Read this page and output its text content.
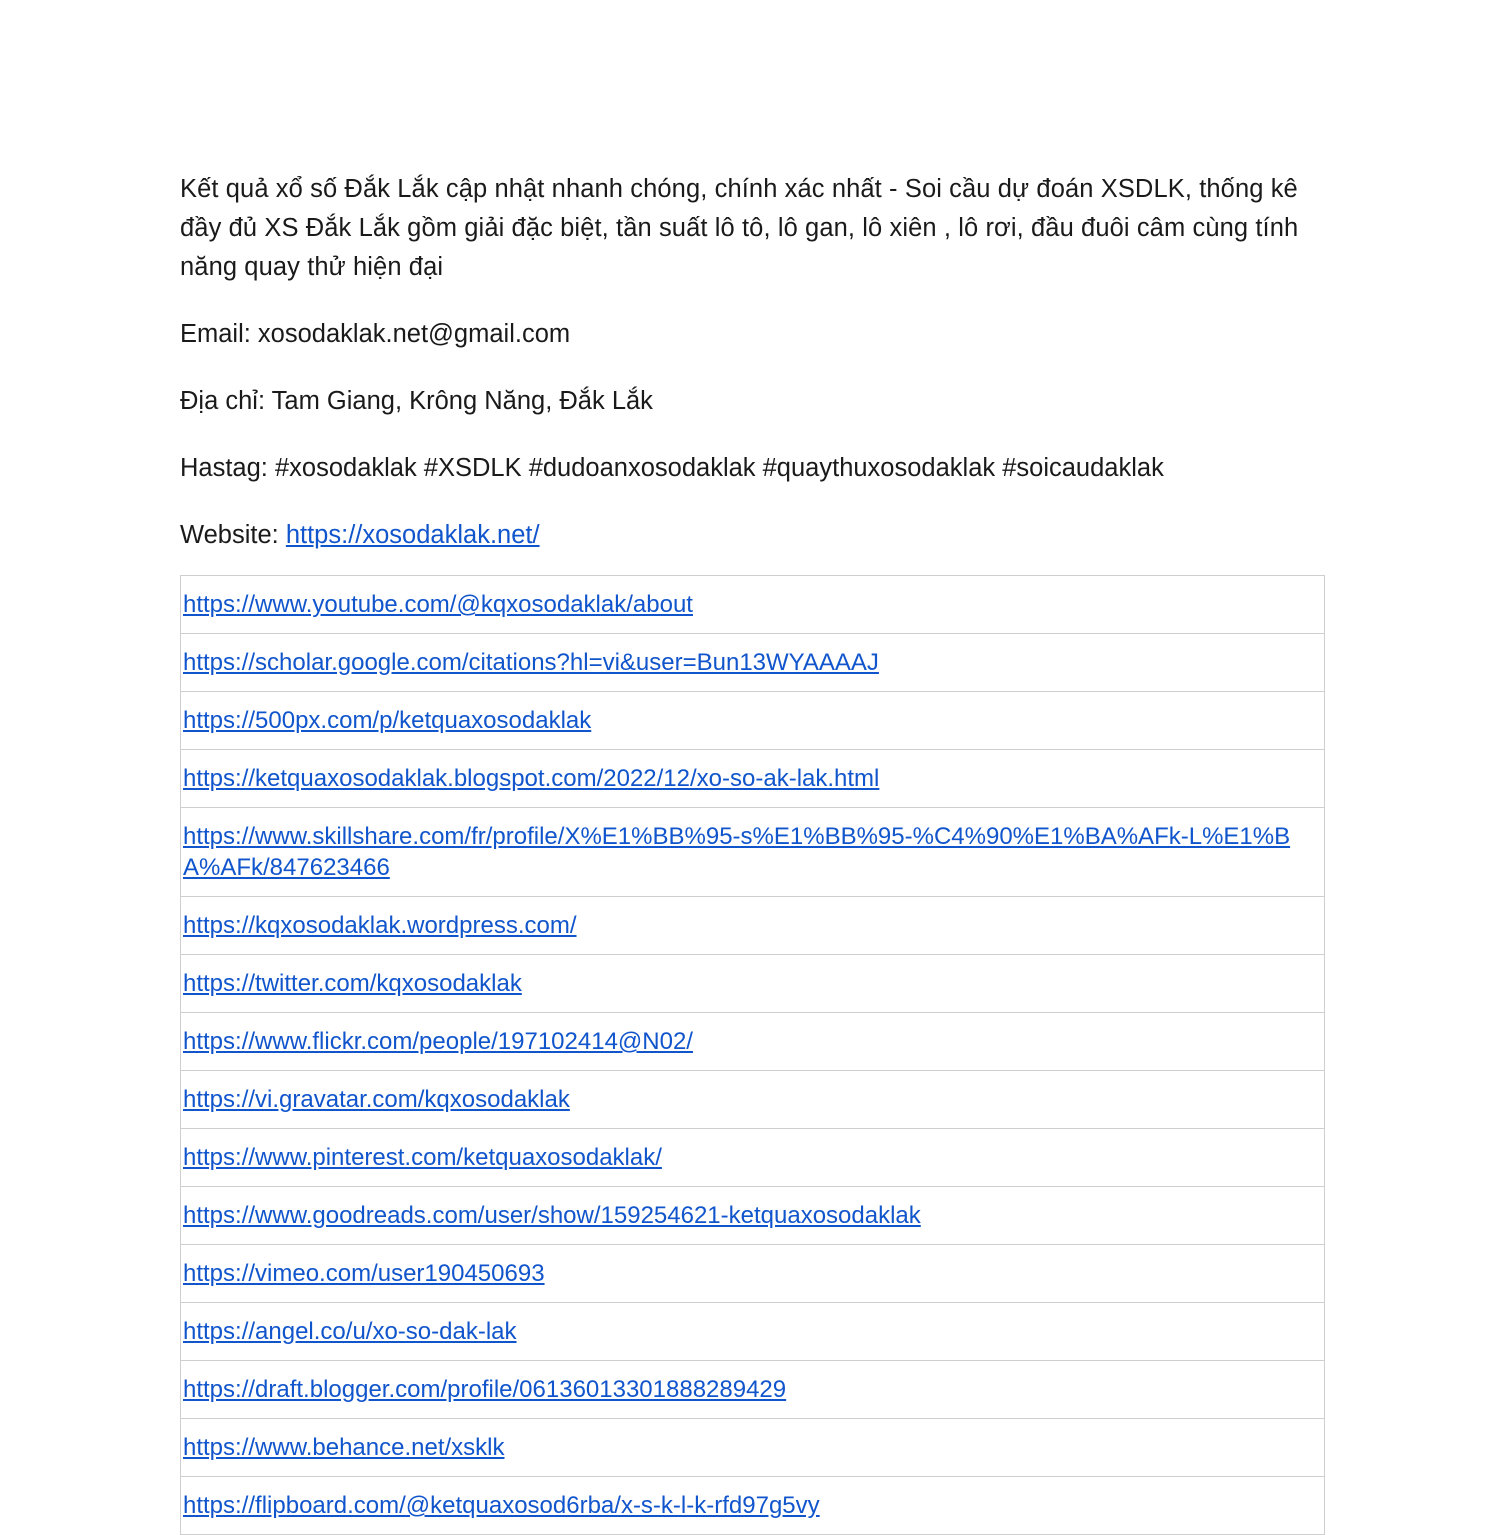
Kết quả xổ số Đắk Lắk cập nhật nhanh chóng, chính xác nhất - Soi cầu dự đoán XSDLK, thống kê đầy đủ XS Đắk Lắk gồm giải đặc biệt, tần suất lô tô, lô gan, lô xiên , lô rơi, đầu đuôi câm cùng tính năng quay thử hiện đại

Email: xosodaklak.net@gmail.com

Địa chỉ: Tam Giang, Krông Năng, Đắk Lắk

Hastag: #xosodaklak #XSDLK #dudoanxosodaklak #quaythuxosodaklak #soicaudaklak

Website: https://xosodaklak.net/

https://www.youtube.com/@kqxosodaklak/about

https://scholar.google.com/citations?hl=vi&user=Bun13WYAAAAJ

https://500px.com/p/ketquaxosodaklak

https://ketquaxosodaklak.blogspot.com/2022/12/xo-so-ak-lak.html

https://www.skillshare.com/fr/profile/X%E1%BB%95-s%E1%BB%95-%C4%90%E1%BA%AFk-L%E1%BA%AFk/847623466

https://kqxosodaklak.wordpress.com/

https://twitter.com/kqxosodaklak

https://www.flickr.com/people/197102414@N02/

https://vi.gravatar.com/kqxosodaklak

https://www.pinterest.com/ketquaxosodaklak/

https://www.goodreads.com/user/show/159254621-ketquaxosodaklak

https://vimeo.com/user190450693

https://angel.co/u/xo-so-dak-lak

https://draft.blogger.com/profile/06136013301888289429

https://www.behance.net/xsklk

https://flipboard.com/@ketquaxosod6rba/x-s-k-l-k-rfd97g5vy
